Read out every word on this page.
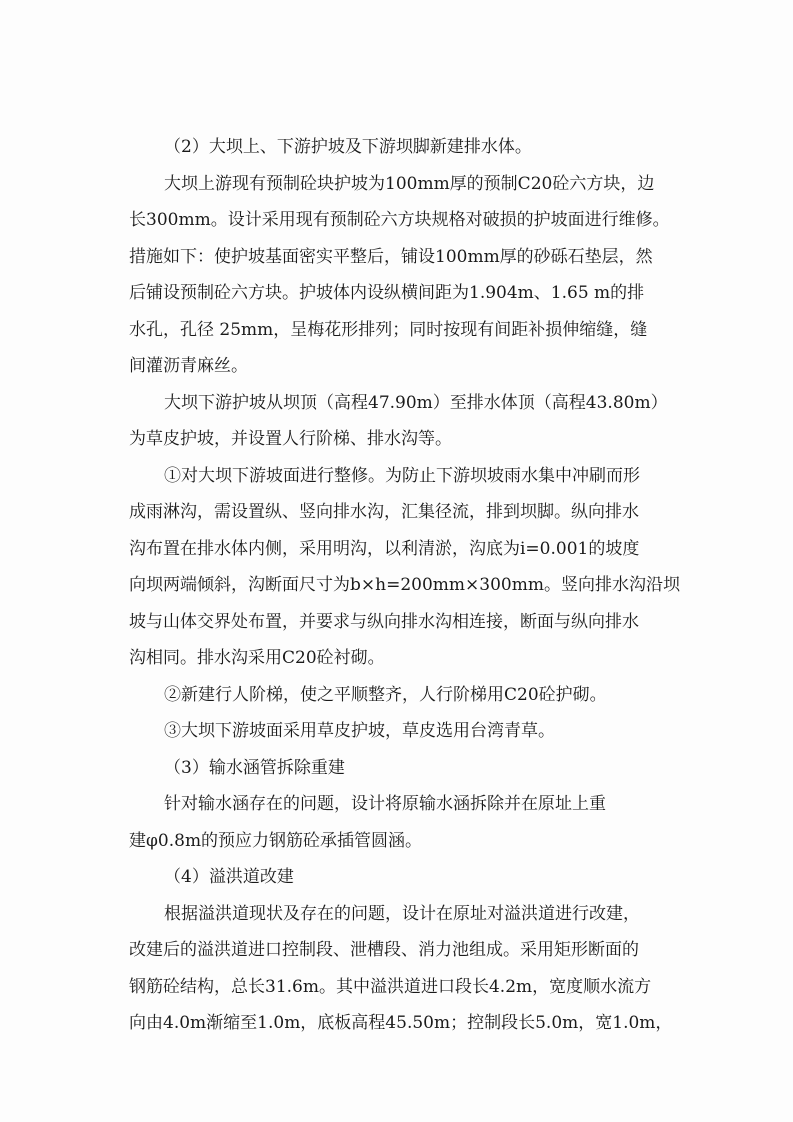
（2）大坝上、下游护坡及下游坝脚新建排水体。
大坝上游现有预制砼块护坡为100mm厚的预制C20砼六方块，边
长300mm。设计采用现有预制砼六方块规格对破损的护坡面进行维修。
措施如下：使护坡基面密实平整后，铺设100mm厚的砂砾石垫层，然
后铺设预制砼六方块。护坡体内设纵横间距为1.904m、1.65 m的排
水孔，孔径 25mm，呈梅花形排列；同时按现有间距补损伸缩缝，缝
间灌沥青麻丝。
大坝下游护坡从坝顶（高程47.90m）至排水体顶（高程43.80m）
为草皮护坡，并设置人行阶梯、排水沟等。
①对大坝下游坡面进行整修。为防止下游坝坡雨水集中冲刷而形
成雨淋沟，需设置纵、竖向排水沟，汇集径流，排到坝脚。纵向排水
沟布置在排水体内侧，采用明沟，以利清淤，沟底为i=0.001的坡度
向坝两端倾斜，沟断面尺寸为b×h=200mm×300mm。竖向排水沟沿坝
坡与山体交界处布置，并要求与纵向排水沟相连接，断面与纵向排水
沟相同。排水沟采用C20砼衬砌。
②新建行人阶梯，使之平顺整齐，人行阶梯用C20砼护砌。
③大坝下游坡面采用草皮护坡，草皮选用台湾青草。
（3）输水涵管拆除重建
针对输水涵存在的问题，设计将原输水涵拆除并在原址上重
建φ0.8m的预应力钢筋砼承插管圆涵。
（4）溢洪道改建
根据溢洪道现状及存在的问题，设计在原址对溢洪道进行改建，
改建后的溢洪道进口控制段、泄槽段、消力池组成。采用矩形断面的
钢筋砼结构，总长31.6m。其中溢洪道进口段长4.2m，宽度顺水流方
向由4.0m渐缩至1.0m，底板高程45.50m；控制段长5.0m，宽1.0m，
